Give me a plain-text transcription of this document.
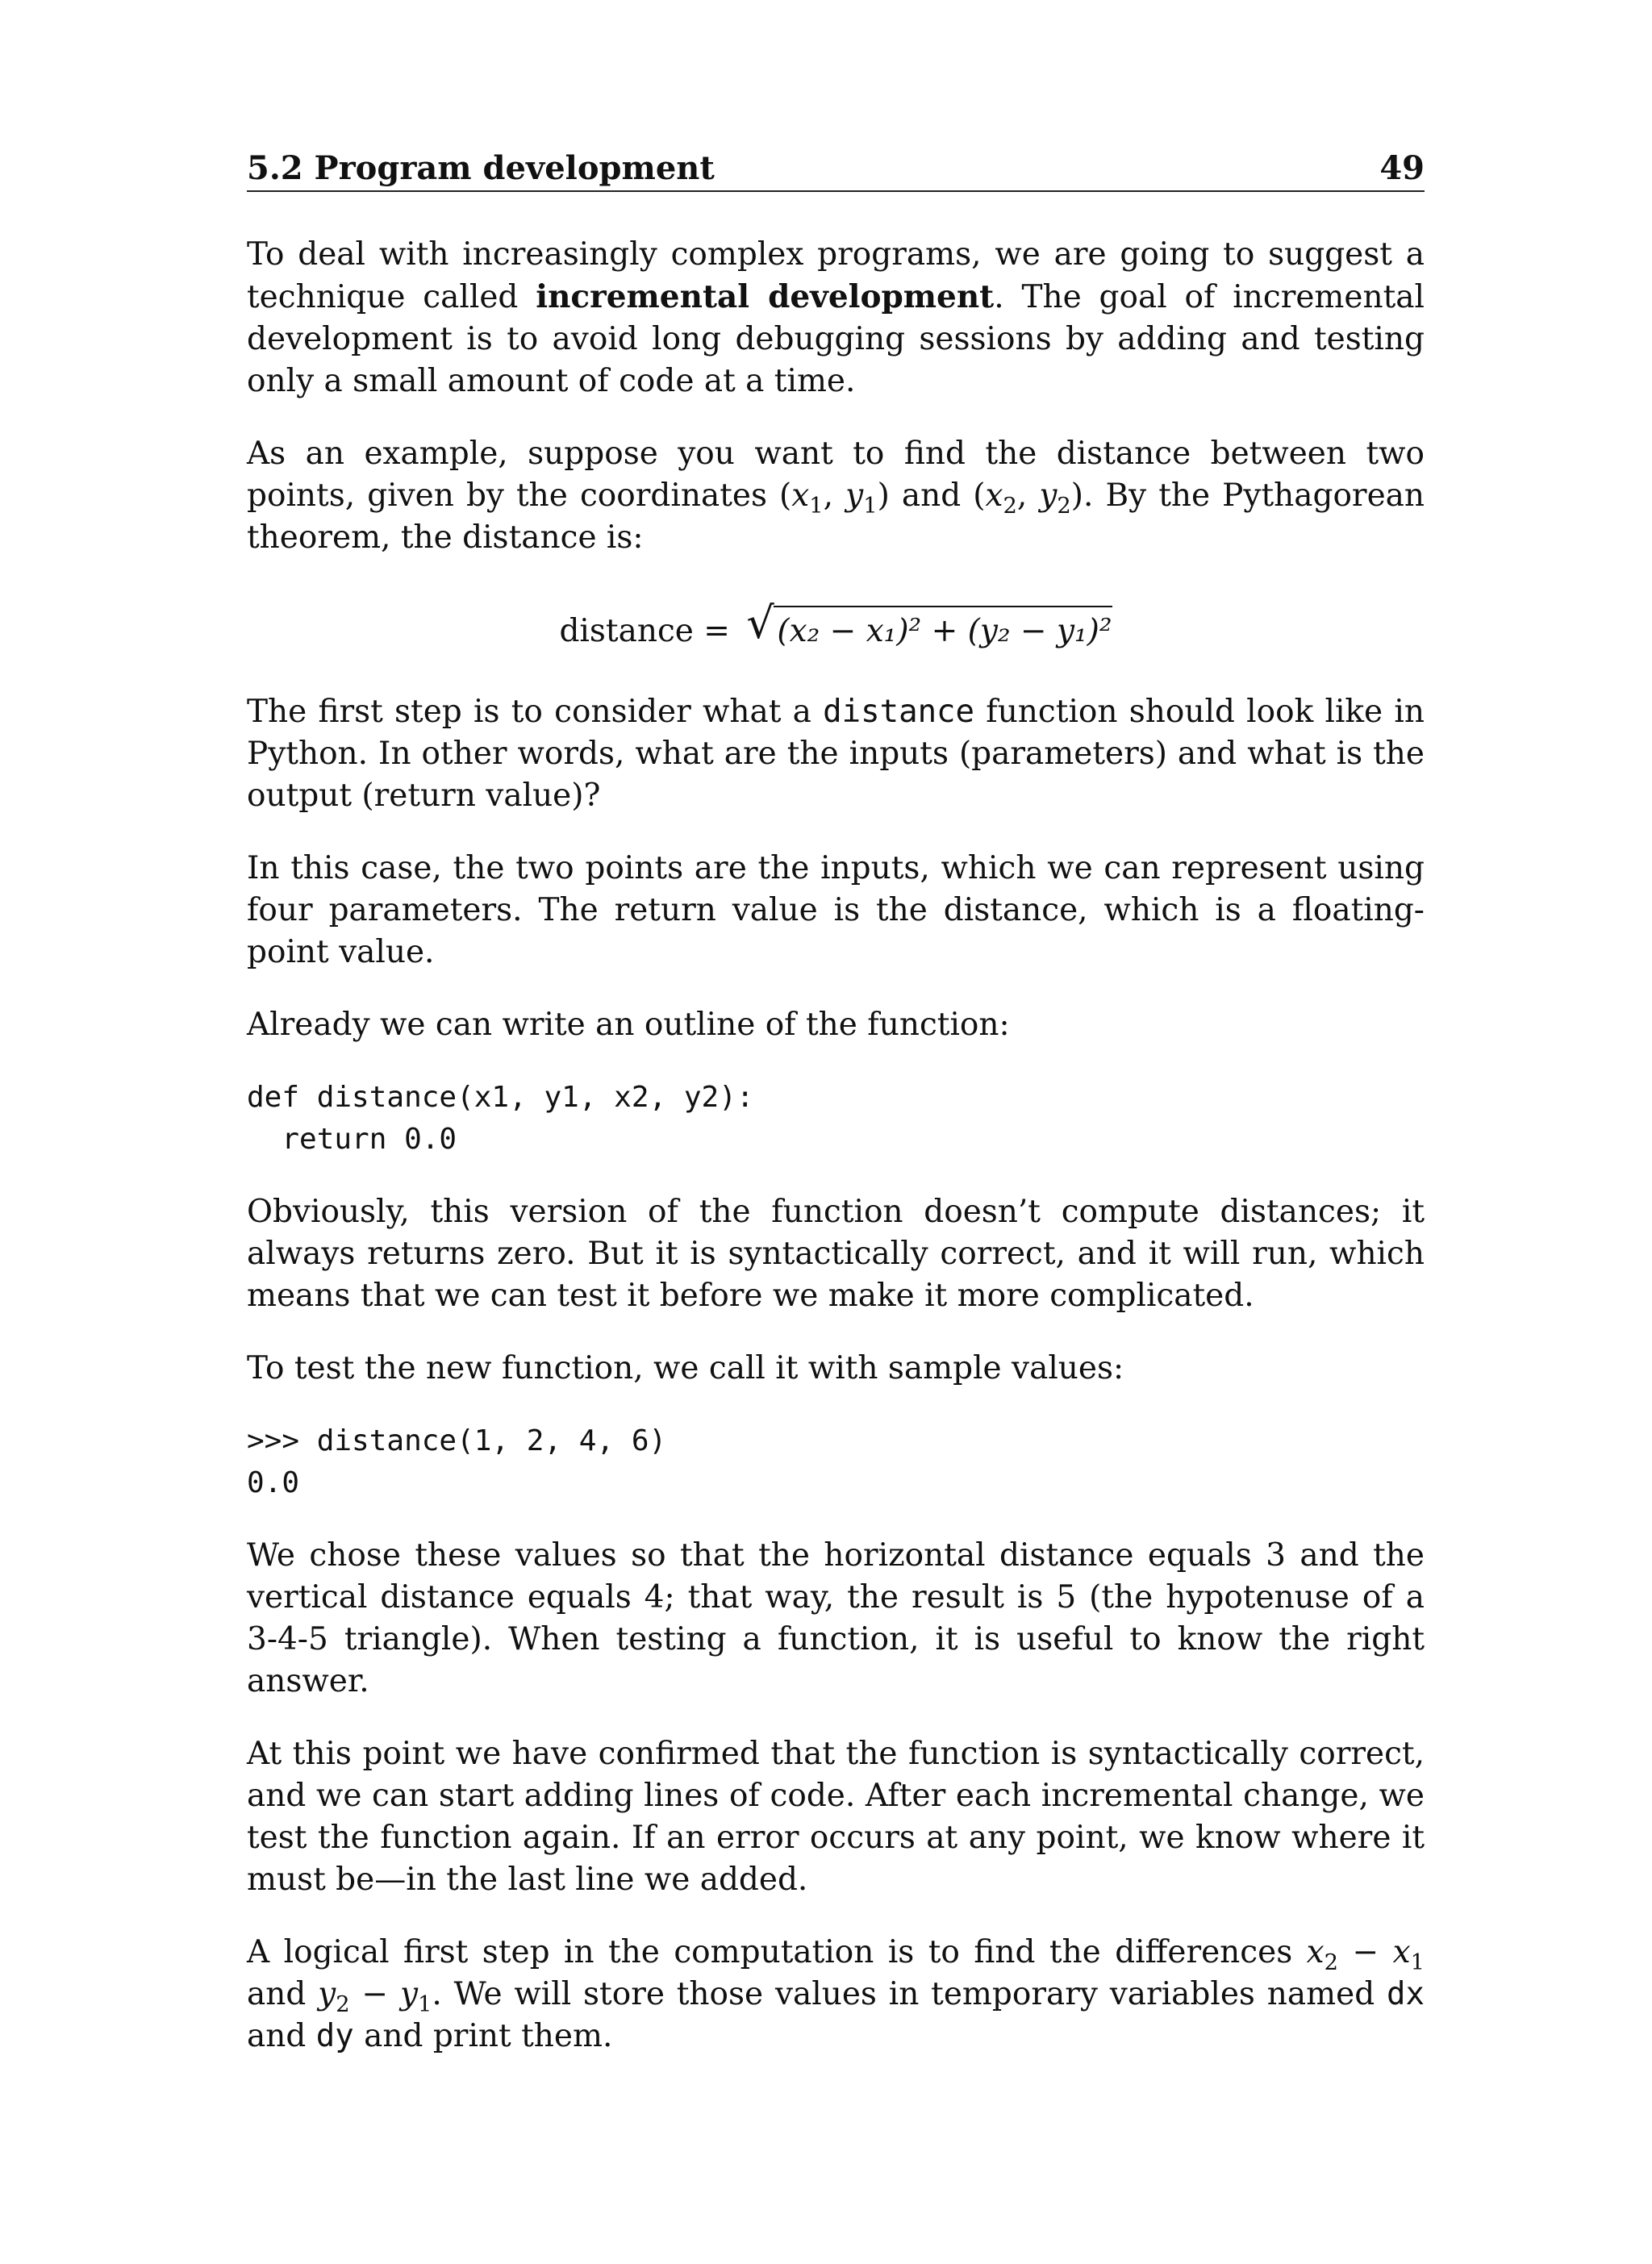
5.2 Program development	49

To deal with increasingly complex programs, we are going to suggest a technique called incremental development. The goal of incremental development is to avoid long debugging sessions by adding and testing only a small amount of code at a time.

As an example, suppose you want to find the distance between two points, given by the coordinates ($x_1$, $y_1$) and ($x_2$, $y_2$). By the Pythagorean theorem, the distance is:

distance = √ (x₂ − x₁)² + (y₂ − y₁)²

The first step is to consider what a distance function should look like in Python. In other words, what are the inputs (parameters) and what is the output (return value)?

In this case, the two points are the inputs, which we can represent using four parameters. The return value is the distance, which is a floating-point value.

Already we can write an outline of the function:

def distance(x1, y1, x2, y2):
return 0.0

Obviously, this version of the function doesn’t compute distances; it always returns zero. But it is syntactically correct, and it will run, which means that we can test it before we make it more complicated.

To test the new function, we call it with sample values:

>>> distance(1, 2, 4, 6)
0.0

We chose these values so that the horizontal distance equals 3 and the vertical distance equals 4; that way, the result is 5 (the hypotenuse of a 3-4-5 triangle). When testing a function, it is useful to know the right answer.

At this point we have confirmed that the function is syntactically correct, and we can start adding lines of code. After each incremental change, we test the function again. If an error occurs at any point, we know where it must be—in the last line we added.

A logical first step in the computation is to find the differences $x_2 - x_1$ and $y_2 - y_1$. We will store those values in temporary variables named dx and dy and print them.
